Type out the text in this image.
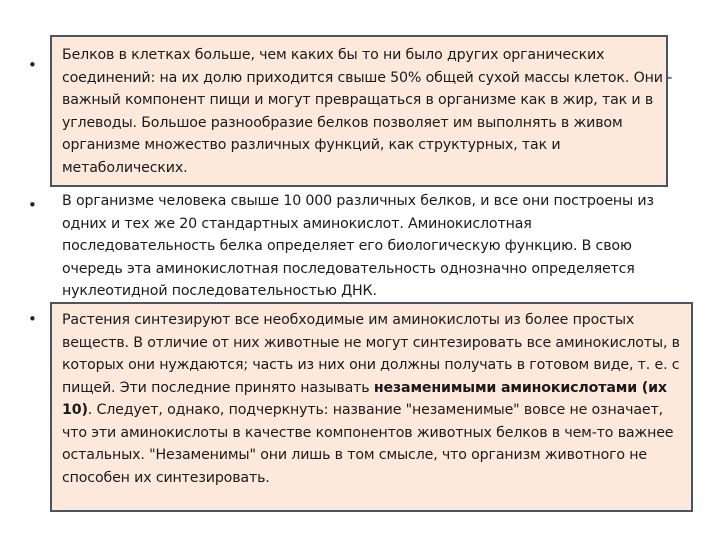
•
•
•
Белков в клетках больше, чем каких бы то ни было других органических соединений: на их долю приходится свыше 50% общей сухой массы клеток. Они - важный компонент пищи и могут превращаться в организме как в жир, так и в углеводы. Большое разнообразие белков позволяет им выполнять в живом организме множество различных функций, как структурных, так и метаболических.
В организме человека свыше 10 000 различных белков, и все они построены из одних и тех же 20 стандартных аминокислот. Аминокислотная последовательность белка определяет его биологическую функцию. В свою очередь эта аминокислотная последовательность однозначно определяется нуклеотидной последовательностью ДНК.
Растения синтезируют все необходимые им аминокислоты из более простых веществ. В отличие от них животные не могут синтезировать все аминокислоты, в которых они нуждаются; часть из них они должны получать в готовом виде, т. е. с пищей. Эти последние принято называть незаменимыми аминокислотами (их 10). Следует, однако, подчеркнуть: название "незаменимые" вовсе не означает, что эти аминокислоты в качестве компонентов животных белков в чем-то важнее остальных. "Незаменимы" они лишь в том смысле, что организм животного не способен их синтезировать.
